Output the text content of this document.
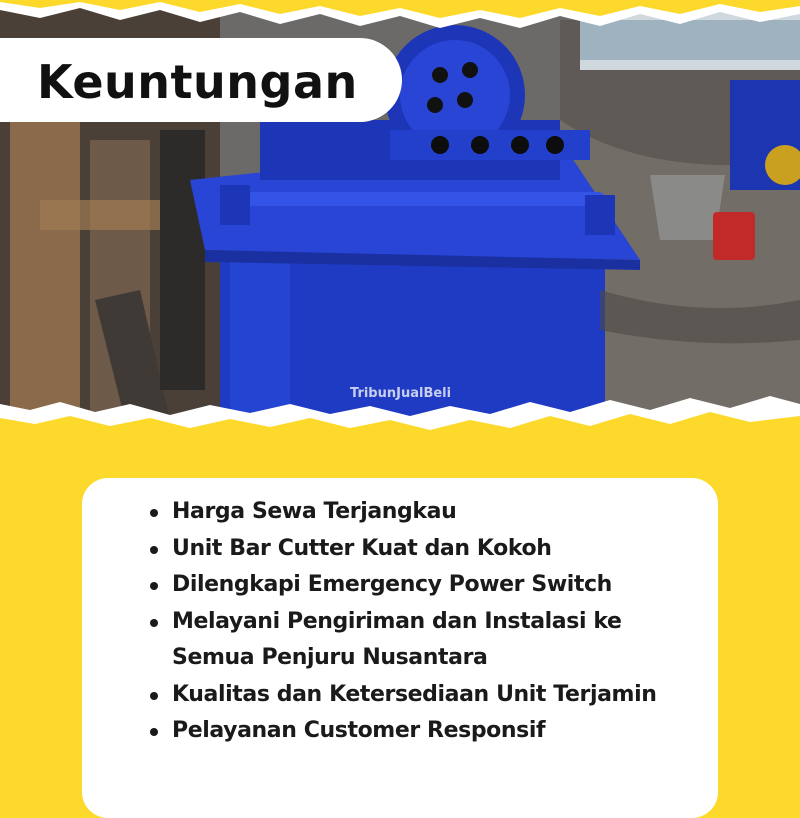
Keuntungan
TribunJualBeli
Harga Sewa Terjangkau
Unit Bar Cutter Kuat dan Kokoh
Dilengkapi Emergency Power Switch
Melayani Pengiriman dan Instalasi ke Semua Penjuru Nusantara
Kualitas dan Ketersediaan Unit Terjamin
Pelayanan Customer Responsif
